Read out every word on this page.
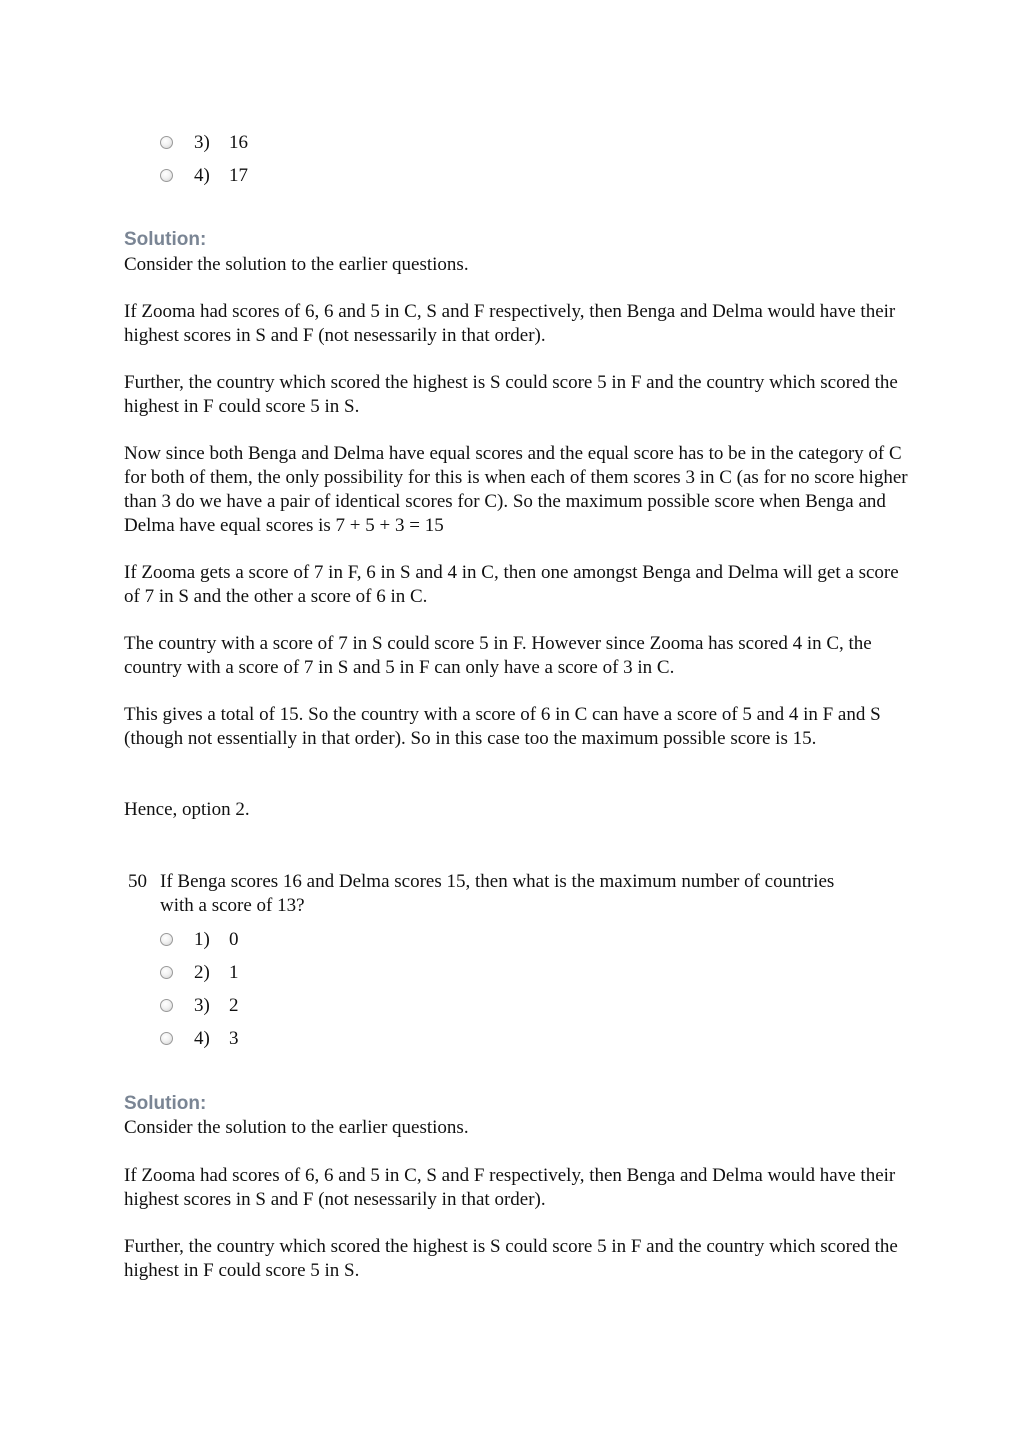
3)	16
4)	17
Solution:

Consider the solution to the earlier questions.

If Zooma had scores of 6, 6 and 5 in C, S and F respectively, then Benga and Delma would have their highest scores in S and F (not nesessarily in that order).

Further, the country which scored the highest is S could score 5 in F and the country which scored the highest in F could score 5 in S.

Now since both Benga and Delma have equal scores and the equal score has to be in the category of C for both of them, the only possibility for this is when each of them scores 3 in C (as for no score higher than 3 do we have a pair of identical scores for C). So the maximum possible score when Benga and Delma have equal scores is 7 + 5 + 3 = 15

If Zooma gets a score of 7 in F, 6 in S and 4 in C, then one amongst Benga and Delma will get a score of 7 in S and the other a score of 6 in C.

The country with a score of 7 in S could score 5 in F. However since Zooma has scored 4 in C, the country with a score of 7 in S and 5 in F can only have a score of 3 in C.

This gives a total of 15. So the country with a score of 6 in C can have a score of 5 and 4 in F and S (though not essentially in that order). So in this case too the maximum possible score is 15.

Hence, option 2.

50 If Benga scores 16 and Delma scores 15, then what is the maximum number of countries with a score of 13?
1)	0
2)	1
3)	2
4)	3
Solution:

Consider the solution to the earlier questions.

If Zooma had scores of 6, 6 and 5 in C, S and F respectively, then Benga and Delma would have their highest scores in S and F (not nesessarily in that order).

Further, the country which scored the highest is S could score 5 in F and the country which scored the highest in F could score 5 in S.
